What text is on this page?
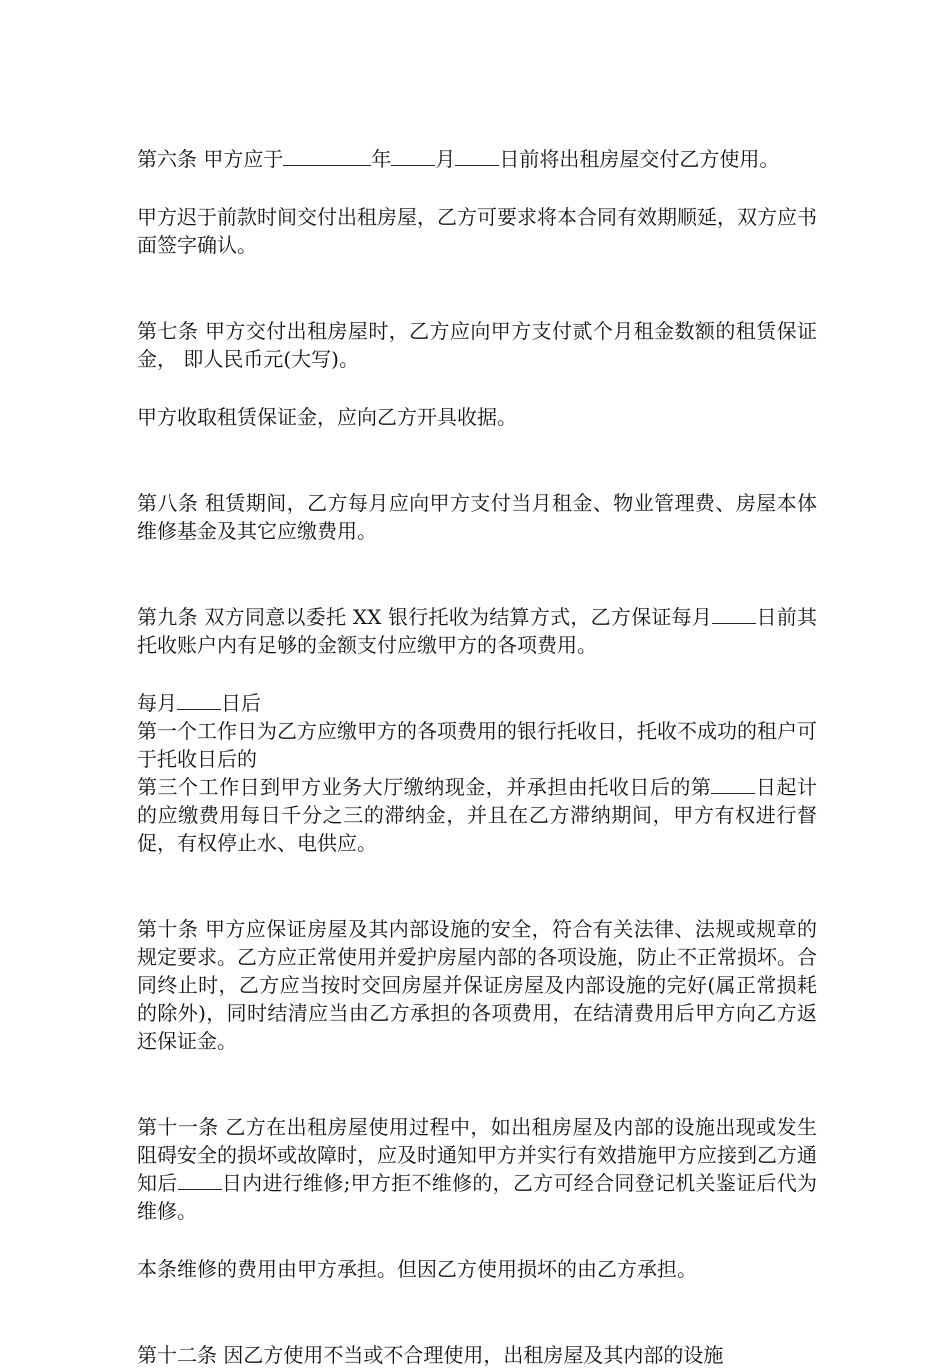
第六条 甲方应于	年 月 日前将出租房屋交付乙方使用。

甲方迟于前款时间交付出租房屋，乙方可要求将本合同有效期顺延，双方应书面签字确认。

第七条 甲方交付出租房屋时，乙方应向甲方支付贰个月租金数额的租赁保证金， 即人民币元(大写)。

甲方收取租赁保证金，应向乙方开具收据。

第八条 租赁期间，乙方每月应向甲方支付当月租金、物业管理费、房屋本体维修基金及其它应缴费用。

第九条 双方同意以委托 XX 银行托收为结算方式，乙方保证每月 日前其托收账户内有足够的金额支付应缴甲方的各项费用。

每月 日后

第一个工作日为乙方应缴甲方的各项费用的银行托收日，托收不成功的租户可于托收日后的

第三个工作日到甲方业务大厅缴纳现金，并承担由托收日后的第 日起计的应缴费用每日千分之三的滞纳金，并且在乙方滞纳期间，甲方有权进行督促，有权停止水、电供应。

第十条 甲方应保证房屋及其内部设施的安全，符合有关法律、法规或规章的规定要求。乙方应正常使用并爱护房屋内部的各项设施，防止不正常损坏。合同终止时，乙方应当按时交回房屋并保证房屋及内部设施的完好(属正常损耗的除外)，同时结清应当由乙方承担的各项费用，在结清费用后甲方向乙方返还保证金。

第十一条 乙方在出租房屋使用过程中，如出租房屋及内部的设施出现或发生阻碍安全的损坏或故障时，应及时通知甲方并实行有效措施甲方应接到乙方通知后 日内进行维修;甲方拒不维修的，乙方可经合同登记机关鉴证后代为维修。

本条维修的费用由甲方承担。但因乙方使用损坏的由乙方承担。

第十二条 因乙方使用不当或不合理使用，出租房屋及其内部的设施
